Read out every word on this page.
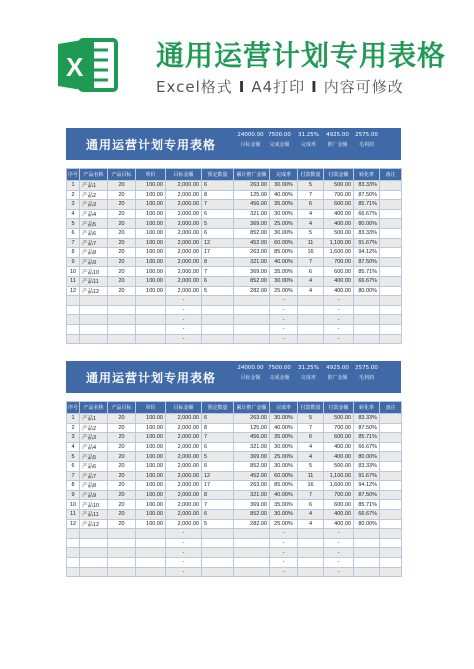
X	通用运营计划专用表格
Excel格式 I A4打印 I 内容可修改
通用运营计划专用表格
24000.00
目标金额
7500.00
完成金额
31.25%
完成率
4925.00
推广金额
2575.00
毛利润
序号	产品名称	产品目标	单价	目标金额	预定数量	累计推广金额	完成率	付款数量	付款金额	转化率	备注
1	产品1	20	100.00	2,000.00	6	263.00	30.00%	5	500.00	83.33%	
2	产品2	20	100.00	2,000.00	8	125.00	40.00%	7	700.00	87.50%	
3	产品3	20	100.00	2,000.00	7	456.00	35.00%	6	600.00	85.71%	
4	产品4	20	100.00	2,000.00	6	321.00	30.00%	4	400.00	66.67%	
5	产品5	20	100.00	2,000.00	5	369.00	25.00%	4	400.00	80.00%	
6	产品6	20	100.00	2,000.00	6	852.00	30.00%	5	500.00	83.33%	
7	产品7	20	100.00	2,000.00	12	452.00	60.00%	11	1,100.00	91.67%	
8	产品8	20	100.00	2,000.00	17	263.00	85.00%	16	1,600.00	94.12%	
9	产品9	20	100.00	2,000.00	8	321.00	40.00%	7	700.00	87.50%	
10	产品10	20	100.00	2,000.00	7	369.00	35.00%	6	600.00	85.71%	
11	产品11	20	100.00	2,000.00	6	852.00	30.00%	4	400.00	66.67%	
12	产品12	20	100.00	2,000.00	5	282.00	25.00%	4	400.00	80.00%	
				-			-		-		
				-			-		-		
				-			-		-		
				-			-		-		
				-			-		-		
通用运营计划专用表格
24000.00
目标金额
7500.00
完成金额
31.25%
完成率
4925.00
推广金额
2575.00
毛利润
序号	产品名称	产品目标	单价	目标金额	预定数量	累计推广金额	完成率	付款数量	付款金额	转化率	备注
1	产品1	20	100.00	2,000.00	6	263.00	30.00%	5	500.00	83.33%	
2	产品2	20	100.00	2,000.00	8	125.00	40.00%	7	700.00	87.50%	
3	产品3	20	100.00	2,000.00	7	456.00	35.00%	6	600.00	85.71%	
4	产品4	20	100.00	2,000.00	6	321.00	30.00%	4	400.00	66.67%	
5	产品5	20	100.00	2,000.00	5	369.00	25.00%	4	400.00	80.00%	
6	产品6	20	100.00	2,000.00	6	852.00	30.00%	5	500.00	83.33%	
7	产品7	20	100.00	2,000.00	12	452.00	60.00%	11	1,100.00	91.67%	
8	产品8	20	100.00	2,000.00	17	263.00	85.00%	16	1,600.00	94.12%	
9	产品9	20	100.00	2,000.00	8	321.00	40.00%	7	700.00	87.50%	
10	产品10	20	100.00	2,000.00	7	369.00	35.00%	6	600.00	85.71%	
11	产品11	20	100.00	2,000.00	6	852.00	30.00%	4	400.00	66.67%	
12	产品12	20	100.00	2,000.00	5	282.00	25.00%	4	400.00	80.00%	
				-			-		-		
				-			-		-		
				-			-		-		
				-			-		-		
				-			-		-		
